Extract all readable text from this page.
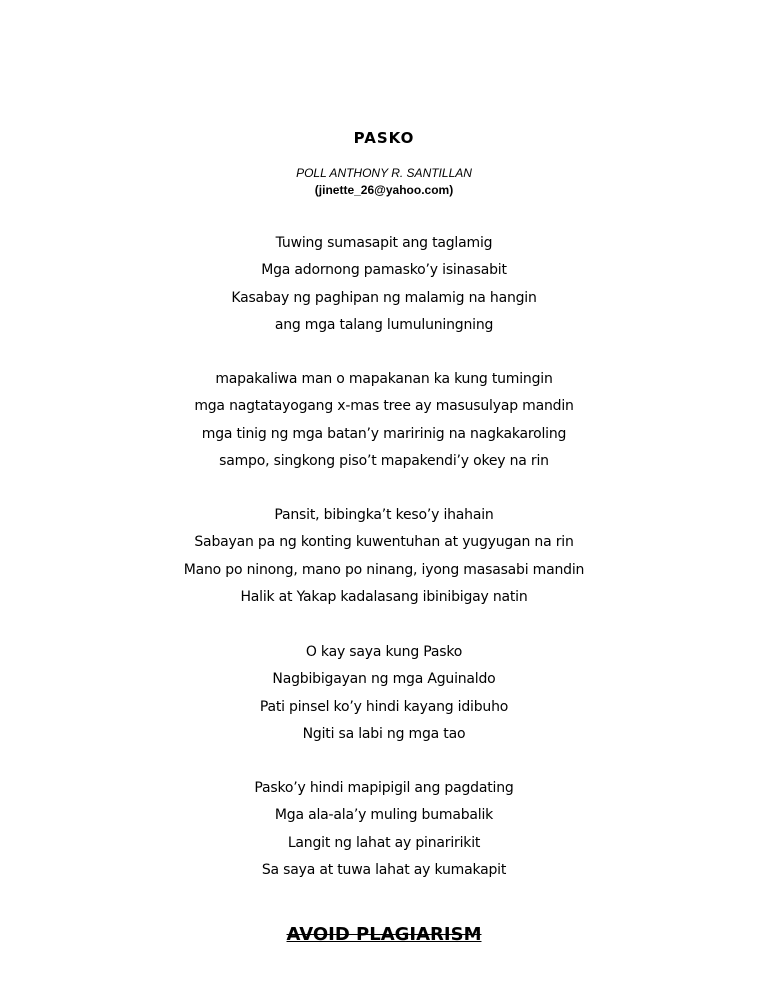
PASKO
POLL ANTHONY R. SANTILLAN
(jinette_26@yahoo.com)
Tuwing sumasapit ang taglamig
Mga adornong pamasko’y isinasabit
Kasabay ng paghipan ng malamig na hangin
ang mga talang lumuluningning
mapakaliwa man o mapakanan ka kung tumingin
mga nagtatayogang x-mas tree ay masusulyap mandin
mga tinig ng mga batan’y maririnig na nagkakaroling
sampo, singkong piso’t mapakendi’y okey na rin
Pansit, bibingka’t keso’y ihahain
Sabayan pa ng konting kuwentuhan at yugyugan na rin
Mano po ninong, mano po ninang, iyong masasabi mandin
Halik at Yakap kadalasang ibinibigay natin
O kay saya kung Pasko
Nagbibigayan ng mga Aguinaldo
Pati pinsel ko’y hindi kayang idibuho
Ngiti sa labi ng mga tao
Pasko’y hindi mapipigil ang pagdating
Mga ala-ala’y muling bumabalik
Langit ng lahat ay pinaririkit
Sa saya at tuwa lahat ay kumakapit
AVOID PLAGIARISM
